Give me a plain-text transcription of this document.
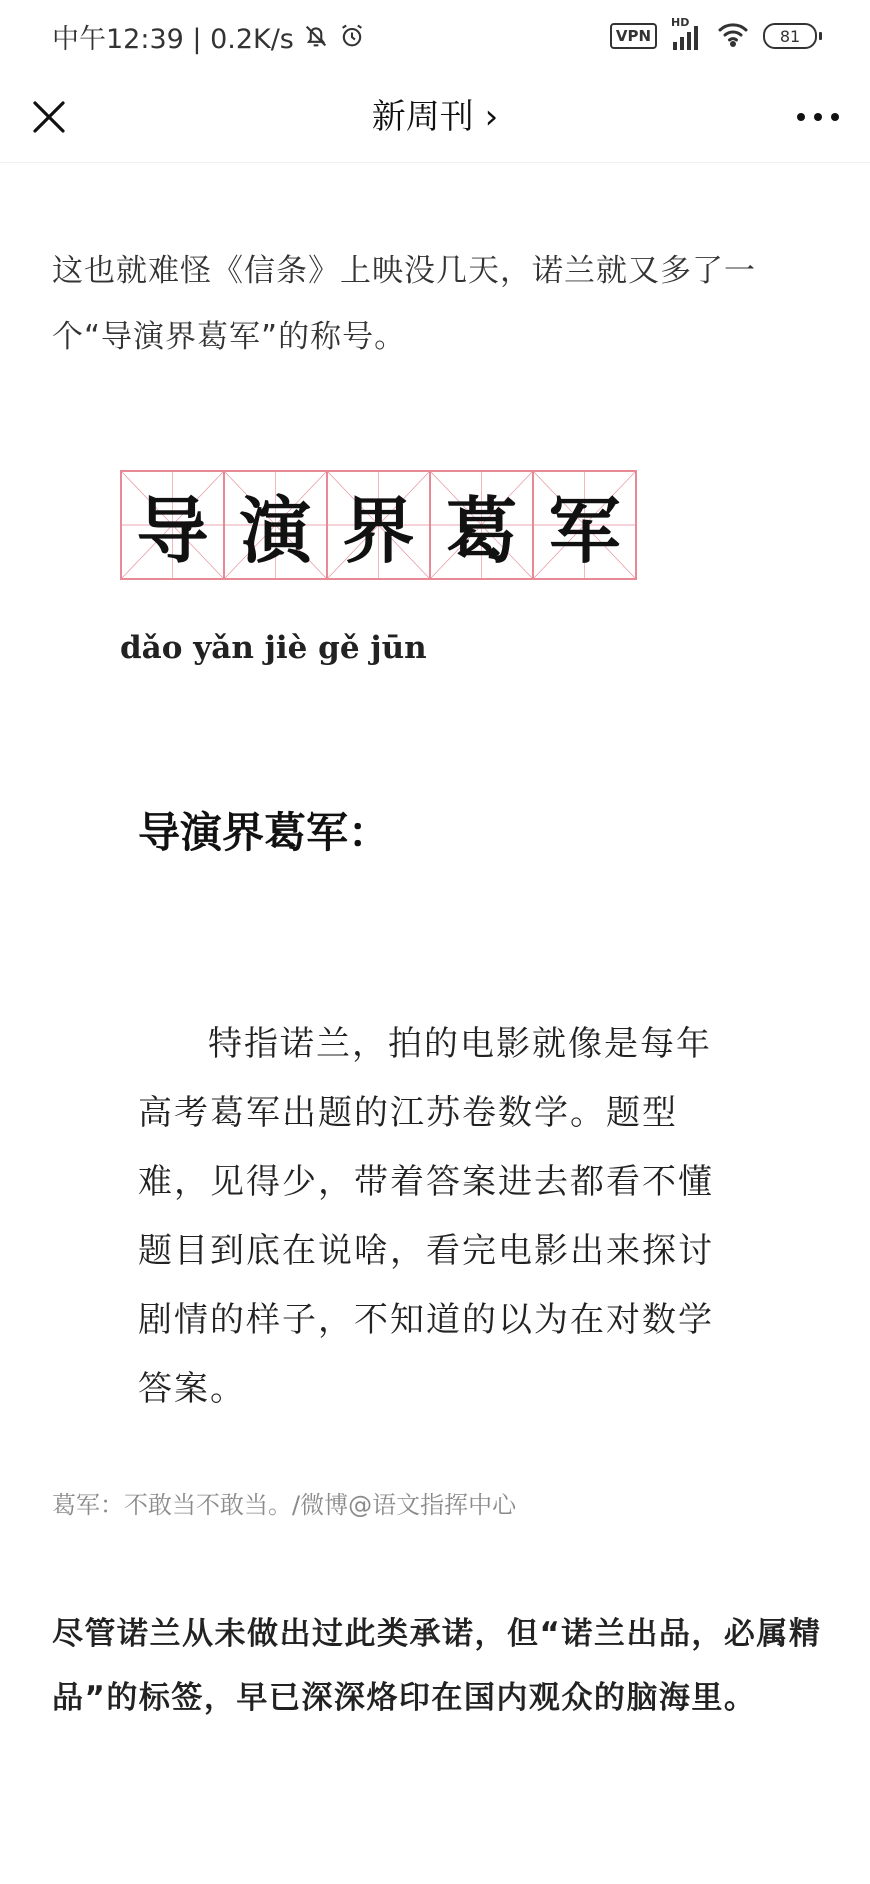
中午12:39 | 0.2K/s	VPN
HD
81
新周刊 ›
这也就难怪《信条》上映没几天，诺兰就又多了一个“导演界葛军”的称号。
导 演 界 葛 军
dǎo yǎn jiè gě jūn
导演界葛军：
特指诺兰，拍的电影就像是每年高考葛军出题的江苏卷数学。题型难，见得少，带着答案进去都看不懂题目到底在说啥，看完电影出来探讨剧情的样子，不知道的以为在对数学答案。
葛军：不敢当不敢当。/微博@语文指挥中心
尽管诺兰从未做出过此类承诺，但“诺兰出品，必属精品”的标签，早已深深烙印在国内观众的脑海里。
